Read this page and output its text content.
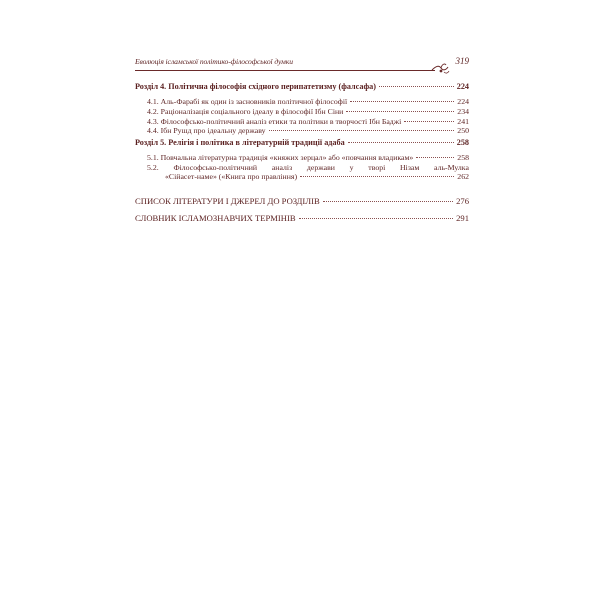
Еволюція ісламської політико-філософської думки	319
Розділ 4. Політична філософія східного перипатетизму (фалсафа)	224
4.1. Аль-Фарабі як один із засновників політичної філософії	224
4.2. Раціоналізація соціального ідеалу в філософії Ібн Сіни	234
4.3. Філософсько-політичний аналіз етики та політики в творчості Ібн Баджі	241
4.4. Ібн Рушд про ідеальну державу	250
Розділ 5. Релігія і політика в літературній традиції адаба	258
5.1. Повчальна літературна традиція «княжих зерцал» або «повчання владикам»	258
5.2. Філософсько-політичний аналіз держави у творі Нізам аль-Мулка
«Сійасет-наме» («Книга про правління)	262
СПИСОК ЛІТЕРАТУРИ І ДЖЕРЕЛ ДО РОЗДІЛІВ	276
СЛОВНИК ІСЛАМОЗНАВЧИХ ТЕРМІНІВ	291
